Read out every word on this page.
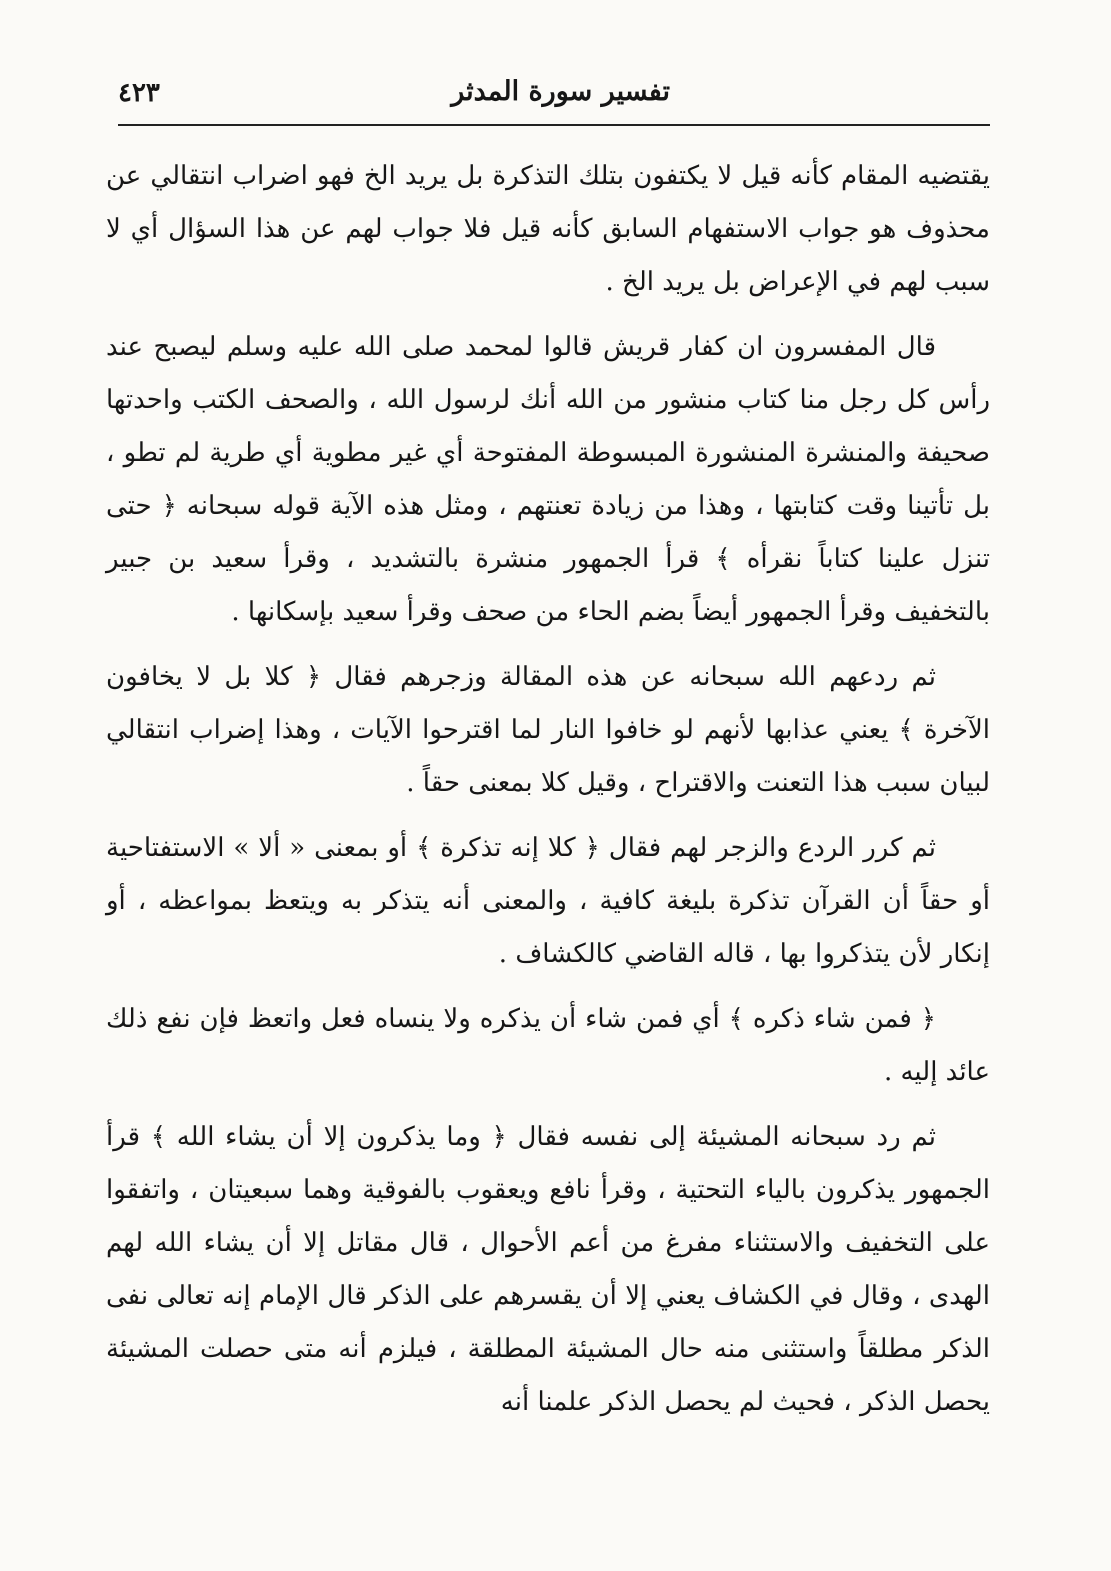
تفسير سورة المدثر
٤٢٣

يقتضيه المقام كأنه قيل لا يكتفون بتلك التذكرة بل يريد الخ فهو اضراب انتقالي عن محذوف هو جواب الاستفهام السابق كأنه قيل فلا جواب لهم عن هذا السؤال أي لا سبب لهم في الإعراض بل يريد الخ .

قال المفسرون ان كفار قريش قالوا لمحمد صلى الله عليه وسلم ليصبح عند رأس كل رجل منا كتاب منشور من الله أنك لرسول الله ، والصحف الكتب واحدتها صحيفة والمنشرة المنشورة المبسوطة المفتوحة أي غير مطوية أي طرية لم تطو ، بل تأتينا وقت كتابتها ، وهذا من زيادة تعنتهم ، ومثل هذه الآية قوله سبحانه ﴿ حتى تنزل علينا كتاباً نقرأه ﴾ قرأ الجمهور منشرة بالتشديد ، وقرأ سعيد بن جبير بالتخفيف وقرأ الجمهور أيضاً بضم الحاء من صحف وقرأ سعيد بإسكانها .

ثم ردعهم الله سبحانه عن هذه المقالة وزجرهم فقال ﴿ كلا بل لا يخافون الآخرة ﴾ يعني عذابها لأنهم لو خافوا النار لما اقترحوا الآيات ، وهذا إضراب انتقالي لبيان سبب هذا التعنت والاقتراح ، وقيل كلا بمعنى حقاً .

ثم كرر الردع والزجر لهم فقال ﴿ كلا إنه تذكرة ﴾ أو بمعنى « ألا » الاستفتاحية أو حقاً أن القرآن تذكرة بليغة كافية ، والمعنى أنه يتذكر به ويتعظ بمواعظه ، أو إنكار لأن يتذكروا بها ، قاله القاضي كالكشاف .

﴿ فمن شاء ذكره ﴾ أي فمن شاء أن يذكره ولا ينساه فعل واتعظ فإن نفع ذلك عائد إليه .

ثم رد سبحانه المشيئة إلى نفسه فقال ﴿ وما يذكرون إلا أن يشاء الله ﴾ قرأ الجمهور يذكرون بالياء التحتية ، وقرأ نافع ويعقوب بالفوقية وهما سبعيتان ، واتفقوا على التخفيف والاستثناء مفرغ من أعم الأحوال ، قال مقاتل إلا أن يشاء الله لهم الهدى ، وقال في الكشاف يعني إلا أن يقسرهم على الذكر قال الإمام إنه تعالى نفى الذكر مطلقاً واستثنى منه حال المشيئة المطلقة ، فيلزم أنه متى حصلت المشيئة يحصل الذكر ، فحيث لم يحصل الذكر علمنا أنه
